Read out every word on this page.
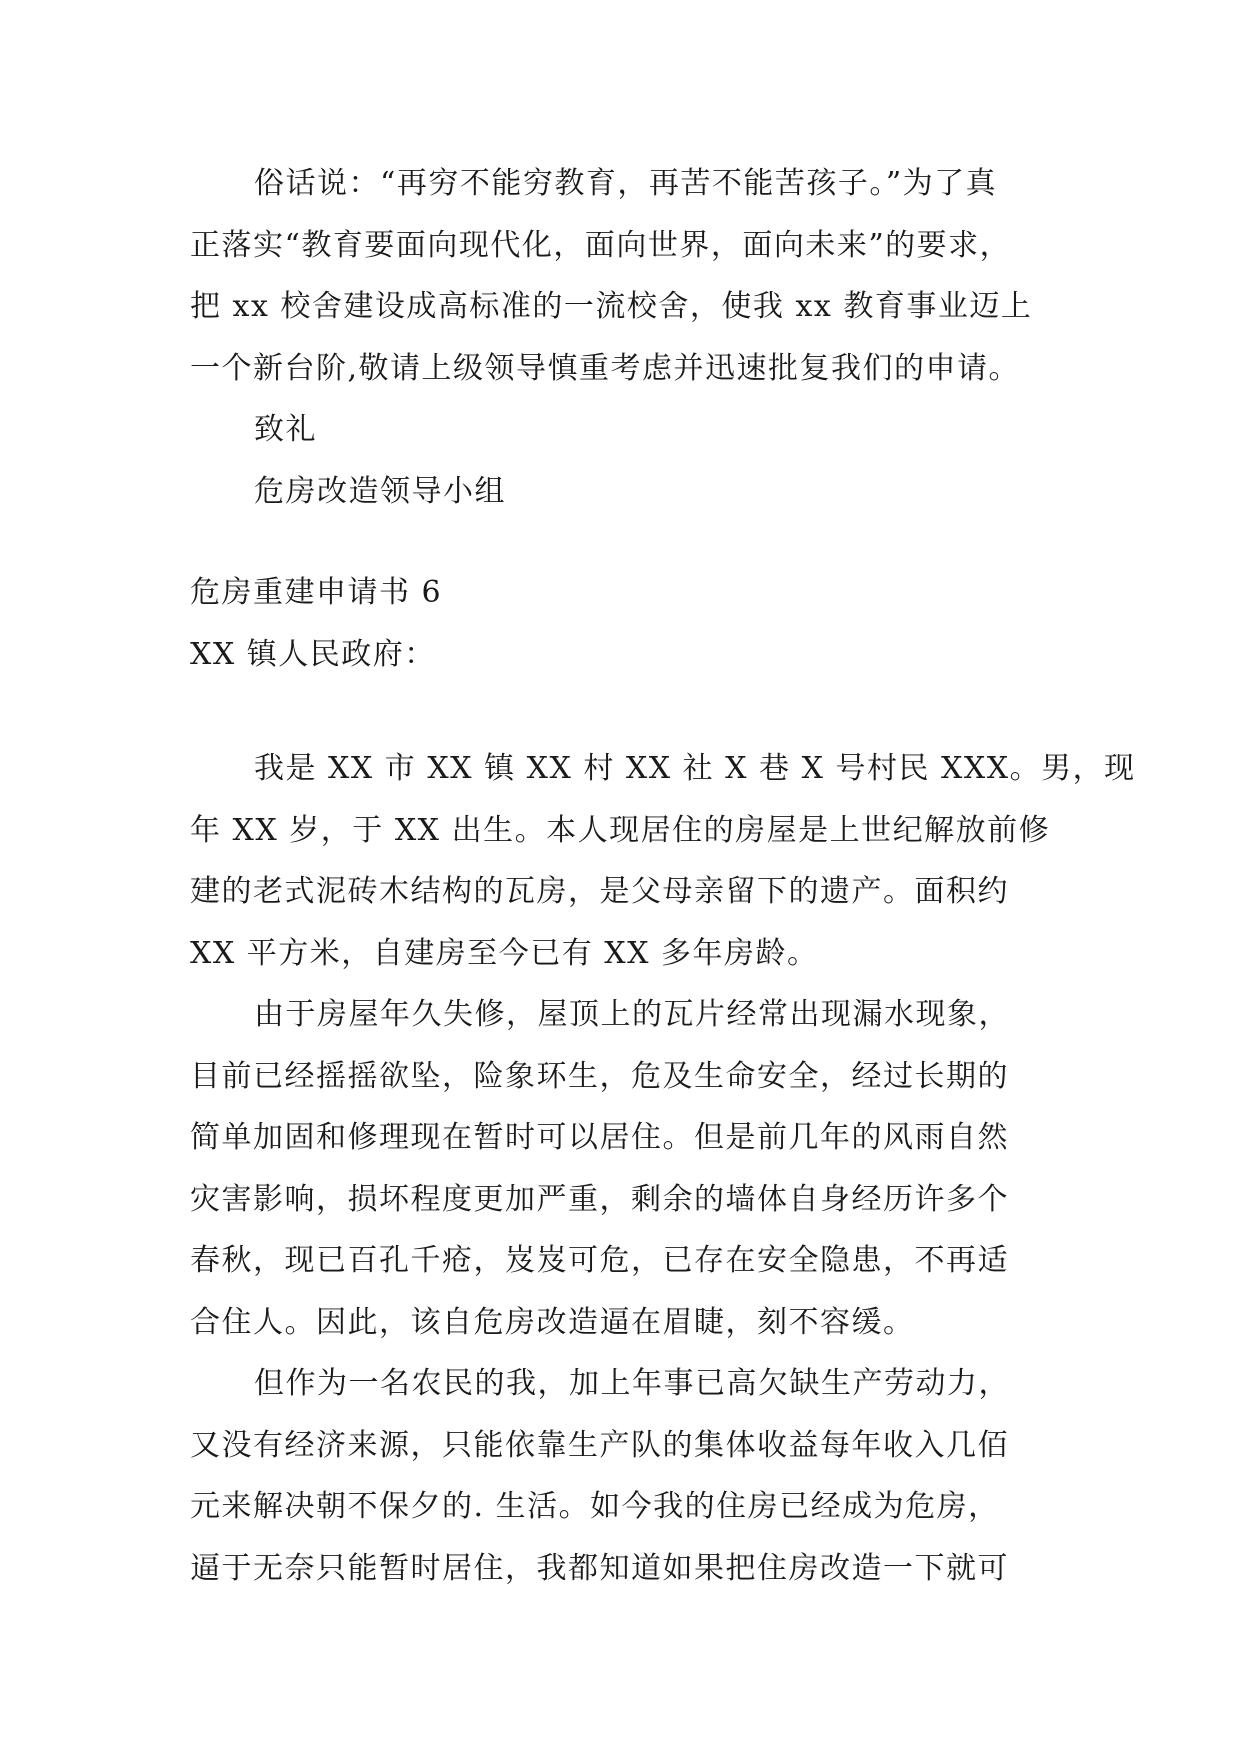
俗话说：“再穷不能穷教育，再苦不能苦孩子。”为了真
正落实“教育要面向现代化，面向世界，面向未来”的要求，
把 xx 校舍建设成高标准的一流校舍，使我 xx 教育事业迈上
一个新台阶,敬请上级领导慎重考虑并迅速批复我们的申请。
致礼
危房改造领导小组
危房重建申请书 6
XX 镇人民政府：
我是 XX 市 XX 镇 XX 村 XX 社 X 巷 X 号村民 XXX。男，现
年 XX 岁，于 XX 出生。本人现居住的房屋是上世纪解放前修
建的老式泥砖木结构的瓦房，是父母亲留下的遗产。面积约
XX 平方米，自建房至今已有 XX 多年房龄。
由于房屋年久失修，屋顶上的瓦片经常出现漏水现象，
目前已经摇摇欲坠，险象环生，危及生命安全，经过长期的
简单加固和修理现在暂时可以居住。但是前几年的风雨自然
灾害影响，损坏程度更加严重，剩余的墙体自身经历许多个
春秋，现已百孔千疮，岌岌可危，已存在安全隐患，不再适
合住人。因此，该自危房改造逼在眉睫，刻不容缓。
但作为一名农民的我，加上年事已高欠缺生产劳动力，
又没有经济来源，只能依靠生产队的集体收益每年收入几佰
元来解决朝不保夕的. 生活。如今我的住房已经成为危房，
逼于无奈只能暂时居住，我都知道如果把住房改造一下就可
